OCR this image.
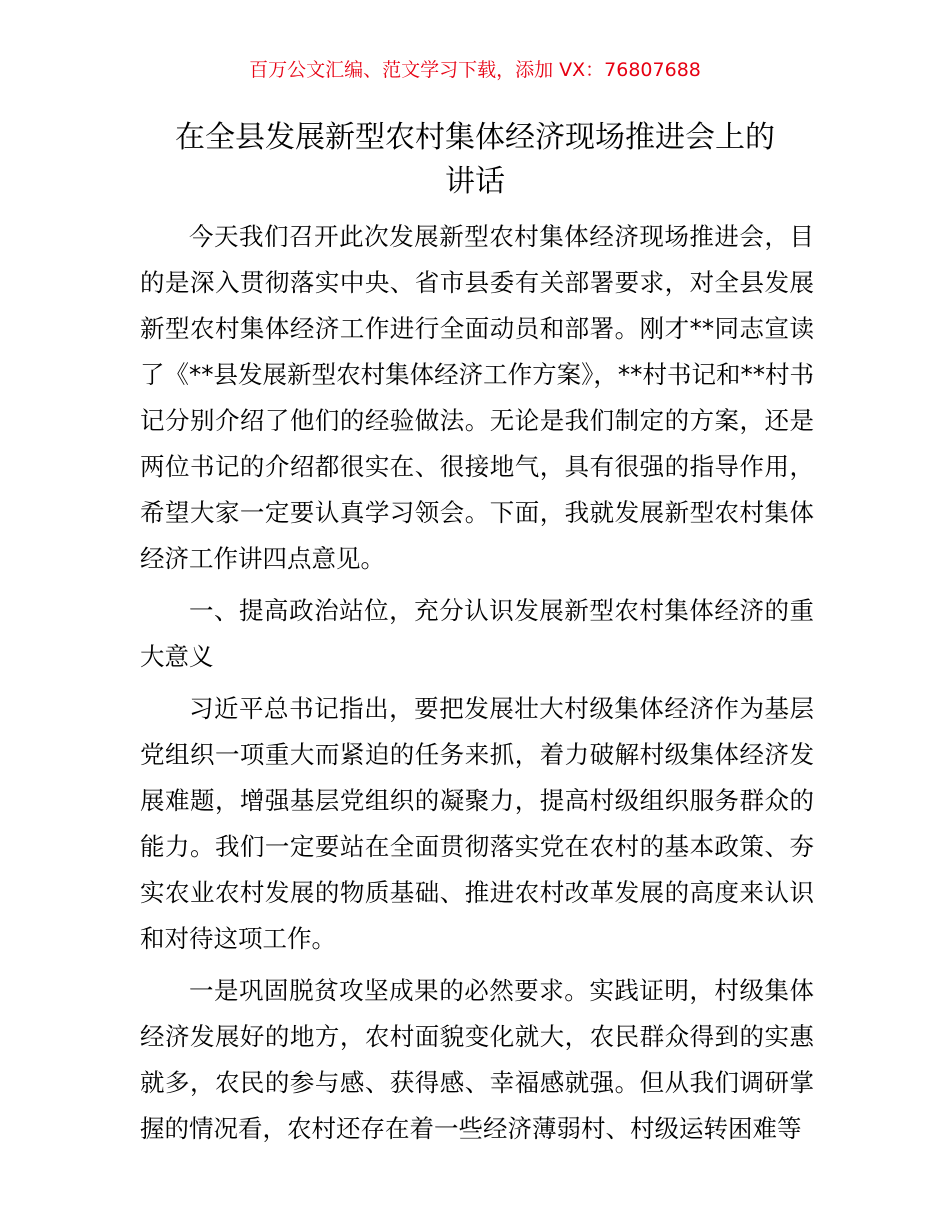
百万公文汇编、范文学习下载，添加 VX：76807688
在全县发展新型农村集体经济现场推进会上的
讲话

今天我们召开此次发展新型农村集体经济现场推进会，目的是深入贯彻落实中央、省市县委有关部署要求，对全县发展新型农村集体经济工作进行全面动员和部署。刚才**同志宣读了《**县发展新型农村集体经济工作方案》，**村书记和**村书记分别介绍了他们的经验做法。无论是我们制定的方案，还是两位书记的介绍都很实在、很接地气，具有很强的指导作用，希望大家一定要认真学习领会。下面，我就发展新型农村集体经济工作讲四点意见。

一、提高政治站位，充分认识发展新型农村集体经济的重大意义

习近平总书记指出，要把发展壮大村级集体经济作为基层党组织一项重大而紧迫的任务来抓，着力破解村级集体经济发展难题，增强基层党组织的凝聚力，提高村级组织服务群众的能力。我们一定要站在全面贯彻落实党在农村的基本政策、夯实农业农村发展的物质基础、推进农村改革发展的高度来认识和对待这项工作。

一是巩固脱贫攻坚成果的必然要求。实践证明，村级集体经济发展好的地方，农村面貌变化就大，农民群众得到的实惠就多，农民的参与感、获得感、幸福感就强。但从我们调研掌握的情况看，农村还存在着一些经济薄弱村、村级运转困难等
